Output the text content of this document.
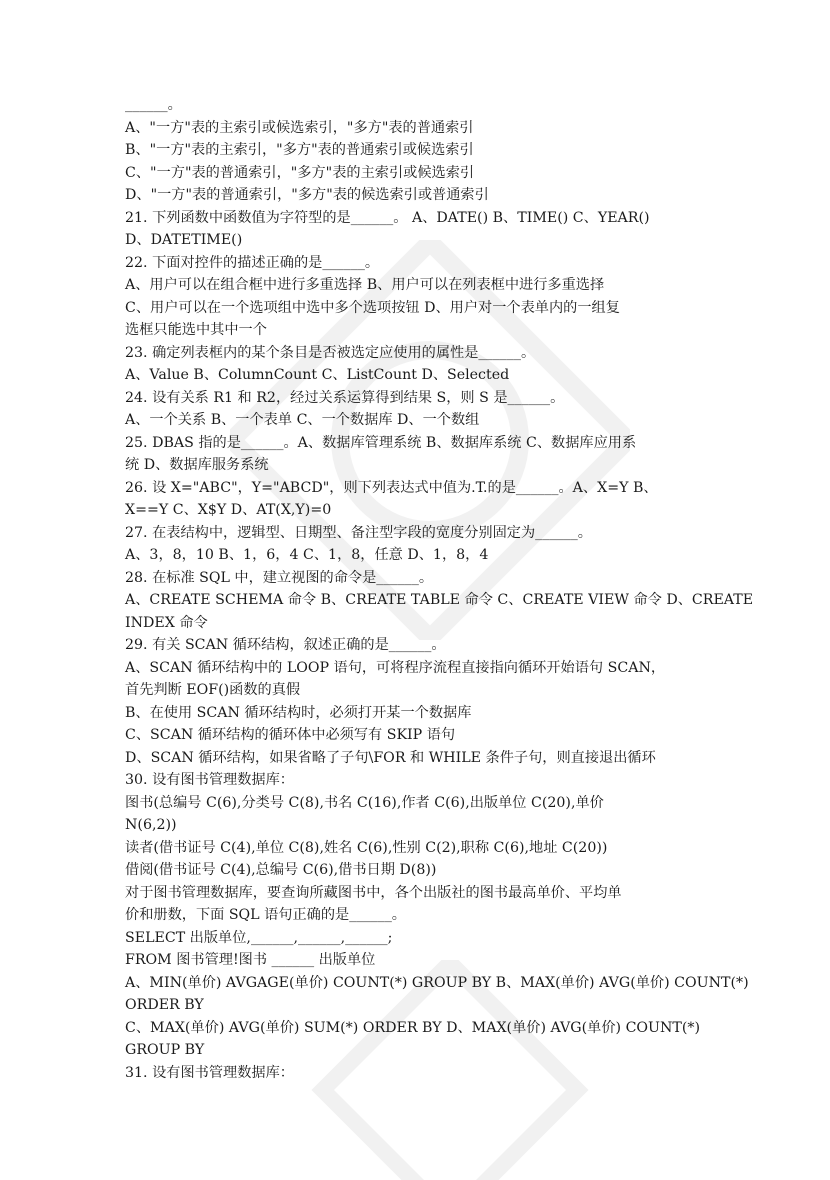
______。
A、"一方"表的主索引或候选索引，"多方"表的普通索引
B、"一方"表的主索引，"多方"表的普通索引或候选索引
C、"一方"表的普通索引，"多方"表的主索引或候选索引
D、"一方"表的普通索引，"多方"表的候选索引或普通索引
21. 下列函数中函数值为字符型的是______。 A、DATE() B、TIME() C、YEAR()
D、DATETIME()
22. 下面对控件的描述正确的是______。
A、用户可以在组合框中进行多重选择 B、用户可以在列表框中进行多重选择
C、用户可以在一个选项组中选中多个选项按钮 D、用户对一个表单内的一组复
选框只能选中其中一个
23. 确定列表框内的某个条目是否被选定应使用的属性是______。
A、Value B、ColumnCount C、ListCount D、Selected
24. 设有关系 R1 和 R2，经过关系运算得到结果 S，则 S 是______。
A、一个关系 B、一个表单 C、一个数据库 D、一个数组
25. DBAS 指的是______。A、数据库管理系统 B、数据库系统 C、数据库应用系
统 D、数据库服务系统
26. 设 X="ABC"，Y="ABCD"，则下列表达式中值为.T.的是______。A、X=Y B、
X==Y C、X$Y D、AT(X,Y)=0
27. 在表结构中，逻辑型、日期型、备注型字段的宽度分别固定为______。
A、3，8，10 B、1，6，4 C、1，8，任意 D、1，8，4
28. 在标准 SQL 中，建立视图的命令是______。
A、CREATE SCHEMA 命令 B、CREATE TABLE 命令 C、CREATE VIEW 命令 D、CREATE
INDEX 命令
29. 有关 SCAN 循环结构，叙述正确的是______。
A、SCAN 循环结构中的 LOOP 语句，可将程序流程直接指向循环开始语句 SCAN，
首先判断 EOF()函数的真假
B、在使用 SCAN 循环结构时，必须打开某一个数据库
C、SCAN 循环结构的循环体中必须写有 SKIP 语句
D、SCAN 循环结构，如果省略了子句\FOR 和 WHILE 条件子句，则直接退出循环
30. 设有图书管理数据库：
图书(总编号 C(6),分类号 C(8),书名 C(16),作者 C(6),出版单位 C(20),单价
N(6,2))
读者(借书证号 C(4),单位 C(8),姓名 C(6),性别 C(2),职称 C(6),地址 C(20))
借阅(借书证号 C(4),总编号 C(6),借书日期 D(8))
对于图书管理数据库，要查询所藏图书中，各个出版社的图书最高单价、平均单
价和册数，下面 SQL 语句正确的是______。
SELECT 出版单位,______,______,______;
FROM 图书管理!图书 ______ 出版单位
A、MIN(单价) AVGAGE(单价) COUNT(*) GROUP BY B、MAX(单价) AVG(单价) COUNT(*)
ORDER BY
C、MAX(单价) AVG(单价) SUM(*) ORDER BY D、MAX(单价) AVG(单价) COUNT(*)
GROUP BY
31. 设有图书管理数据库：
